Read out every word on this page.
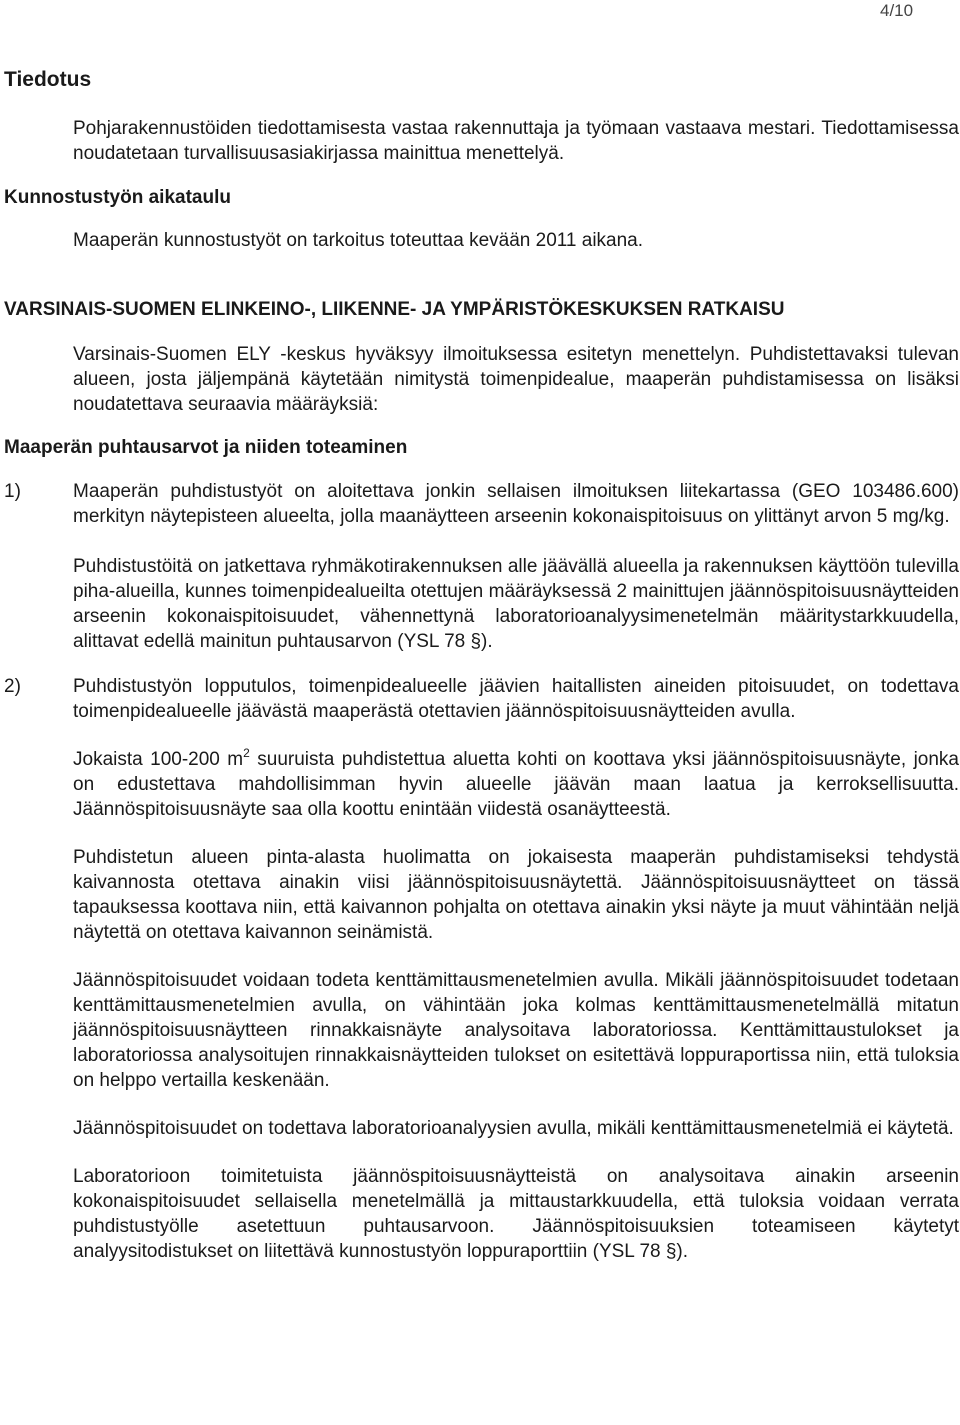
4/10
Tiedotus

Pohjarakennustöiden tiedottamisesta vastaa rakennuttaja ja työmaan vastaava mestari. Tiedottamisessa noudatetaan turvallisuusasiakirjassa mainittua menettelyä.

Kunnostustyön aikataulu

Maaperän kunnostustyöt on tarkoitus toteuttaa kevään 2011 aikana.

VARSINAIS-SUOMEN ELINKEINO-, LIIKENNE- JA YMPÄRISTÖKESKUKSEN RATKAISU

Varsinais-Suomen ELY -keskus hyväksyy ilmoituksessa esitetyn menettelyn. Puhdistettavaksi tulevan alueen, josta jäljempänä käytetään nimitystä toimenpidealue, maaperän puhdistamisessa on lisäksi noudatettava seuraavia määräyksiä:

Maaperän puhtausarvot ja niiden toteaminen
1)	Maaperän puhdistustyöt on aloitettava jonkin sellaisen ilmoituksen liitekartassa (GEO 103486.600) merkityn näytepisteen alueelta, jolla maanäytteen arseenin kokonaispitoisuus on ylittänyt arvon 5 mg/kg.

Puhdistustöitä on jatkettava ryhmäkotirakennuksen alle jäävällä alueella ja rakennuksen käyttöön tulevilla piha-alueilla, kunnes toimenpidealueilta otettujen määräyksessä 2 mainittujen jäännöspitoisuusnäytteiden arseenin kokonaispitoisuudet, vähennettynä laboratorioanalyysimenetelmän määritystarkkuudella, alittavat edellä mainitun puhtausarvon (YSL 78 §).

2)	Puhdistustyön lopputulos, toimenpidealueelle jäävien haitallisten aineiden pitoisuudet, on todettava toimenpidealueelle jäävästä maaperästä otettavien jäännöspitoisuusnäytteiden avulla.

Jokaista 100-200 $m^2$ suuruista puhdistettua aluetta kohti on koottava yksi jäännöspitoisuusnäyte, jonka on edustettava mahdollisimman hyvin alueelle jäävän maan laatua ja kerroksellisuutta. Jäännöspitoisuusnäyte saa olla koottu enintään viidestä osanäytteestä.

Puhdistetun alueen pinta-alasta huolimatta on jokaisesta maaperän puhdistamiseksi tehdystä kaivannosta otettava ainakin viisi jäännöspitoisuusnäytettä. Jäännöspitoisuusnäytteet on tässä tapauksessa koottava niin, että kaivannon pohjalta on otettava ainakin yksi näyte ja muut vähintään neljä näytettä on otettava kaivannon seinämistä.

Jäännöspitoisuudet voidaan todeta kenttämittausmenetelmien avulla. Mikäli jäännöspitoisuudet todetaan kenttämittausmenetelmien avulla, on vähintään joka kolmas kenttämittausmenetelmällä mitatun jäännöspitoisuusnäytteen rinnakkaisnäyte analysoitava laboratoriossa. Kenttämittaustulokset ja laboratoriossa analysoitujen rinnakkaisnäytteiden tulokset on esitettävä loppuraportissa niin, että tuloksia on helppo vertailla keskenään.

Jäännöspitoisuudet on todettava laboratorioanalyysien avulla, mikäli kenttämittausmenetelmiä ei käytetä.

Laboratorioon toimitetuista jäännöspitoisuusnäytteistä on analysoitava ainakin arseenin kokonaispitoisuudet sellaisella menetelmällä ja mittaustarkkuudella, että tuloksia voidaan verrata puhdistustyölle asetettuun puhtausarvoon. Jäännöspitoisuuksien toteamiseen käytetyt analyysitodistukset on liitettävä kunnostustyön loppuraporttiin (YSL 78 §).
